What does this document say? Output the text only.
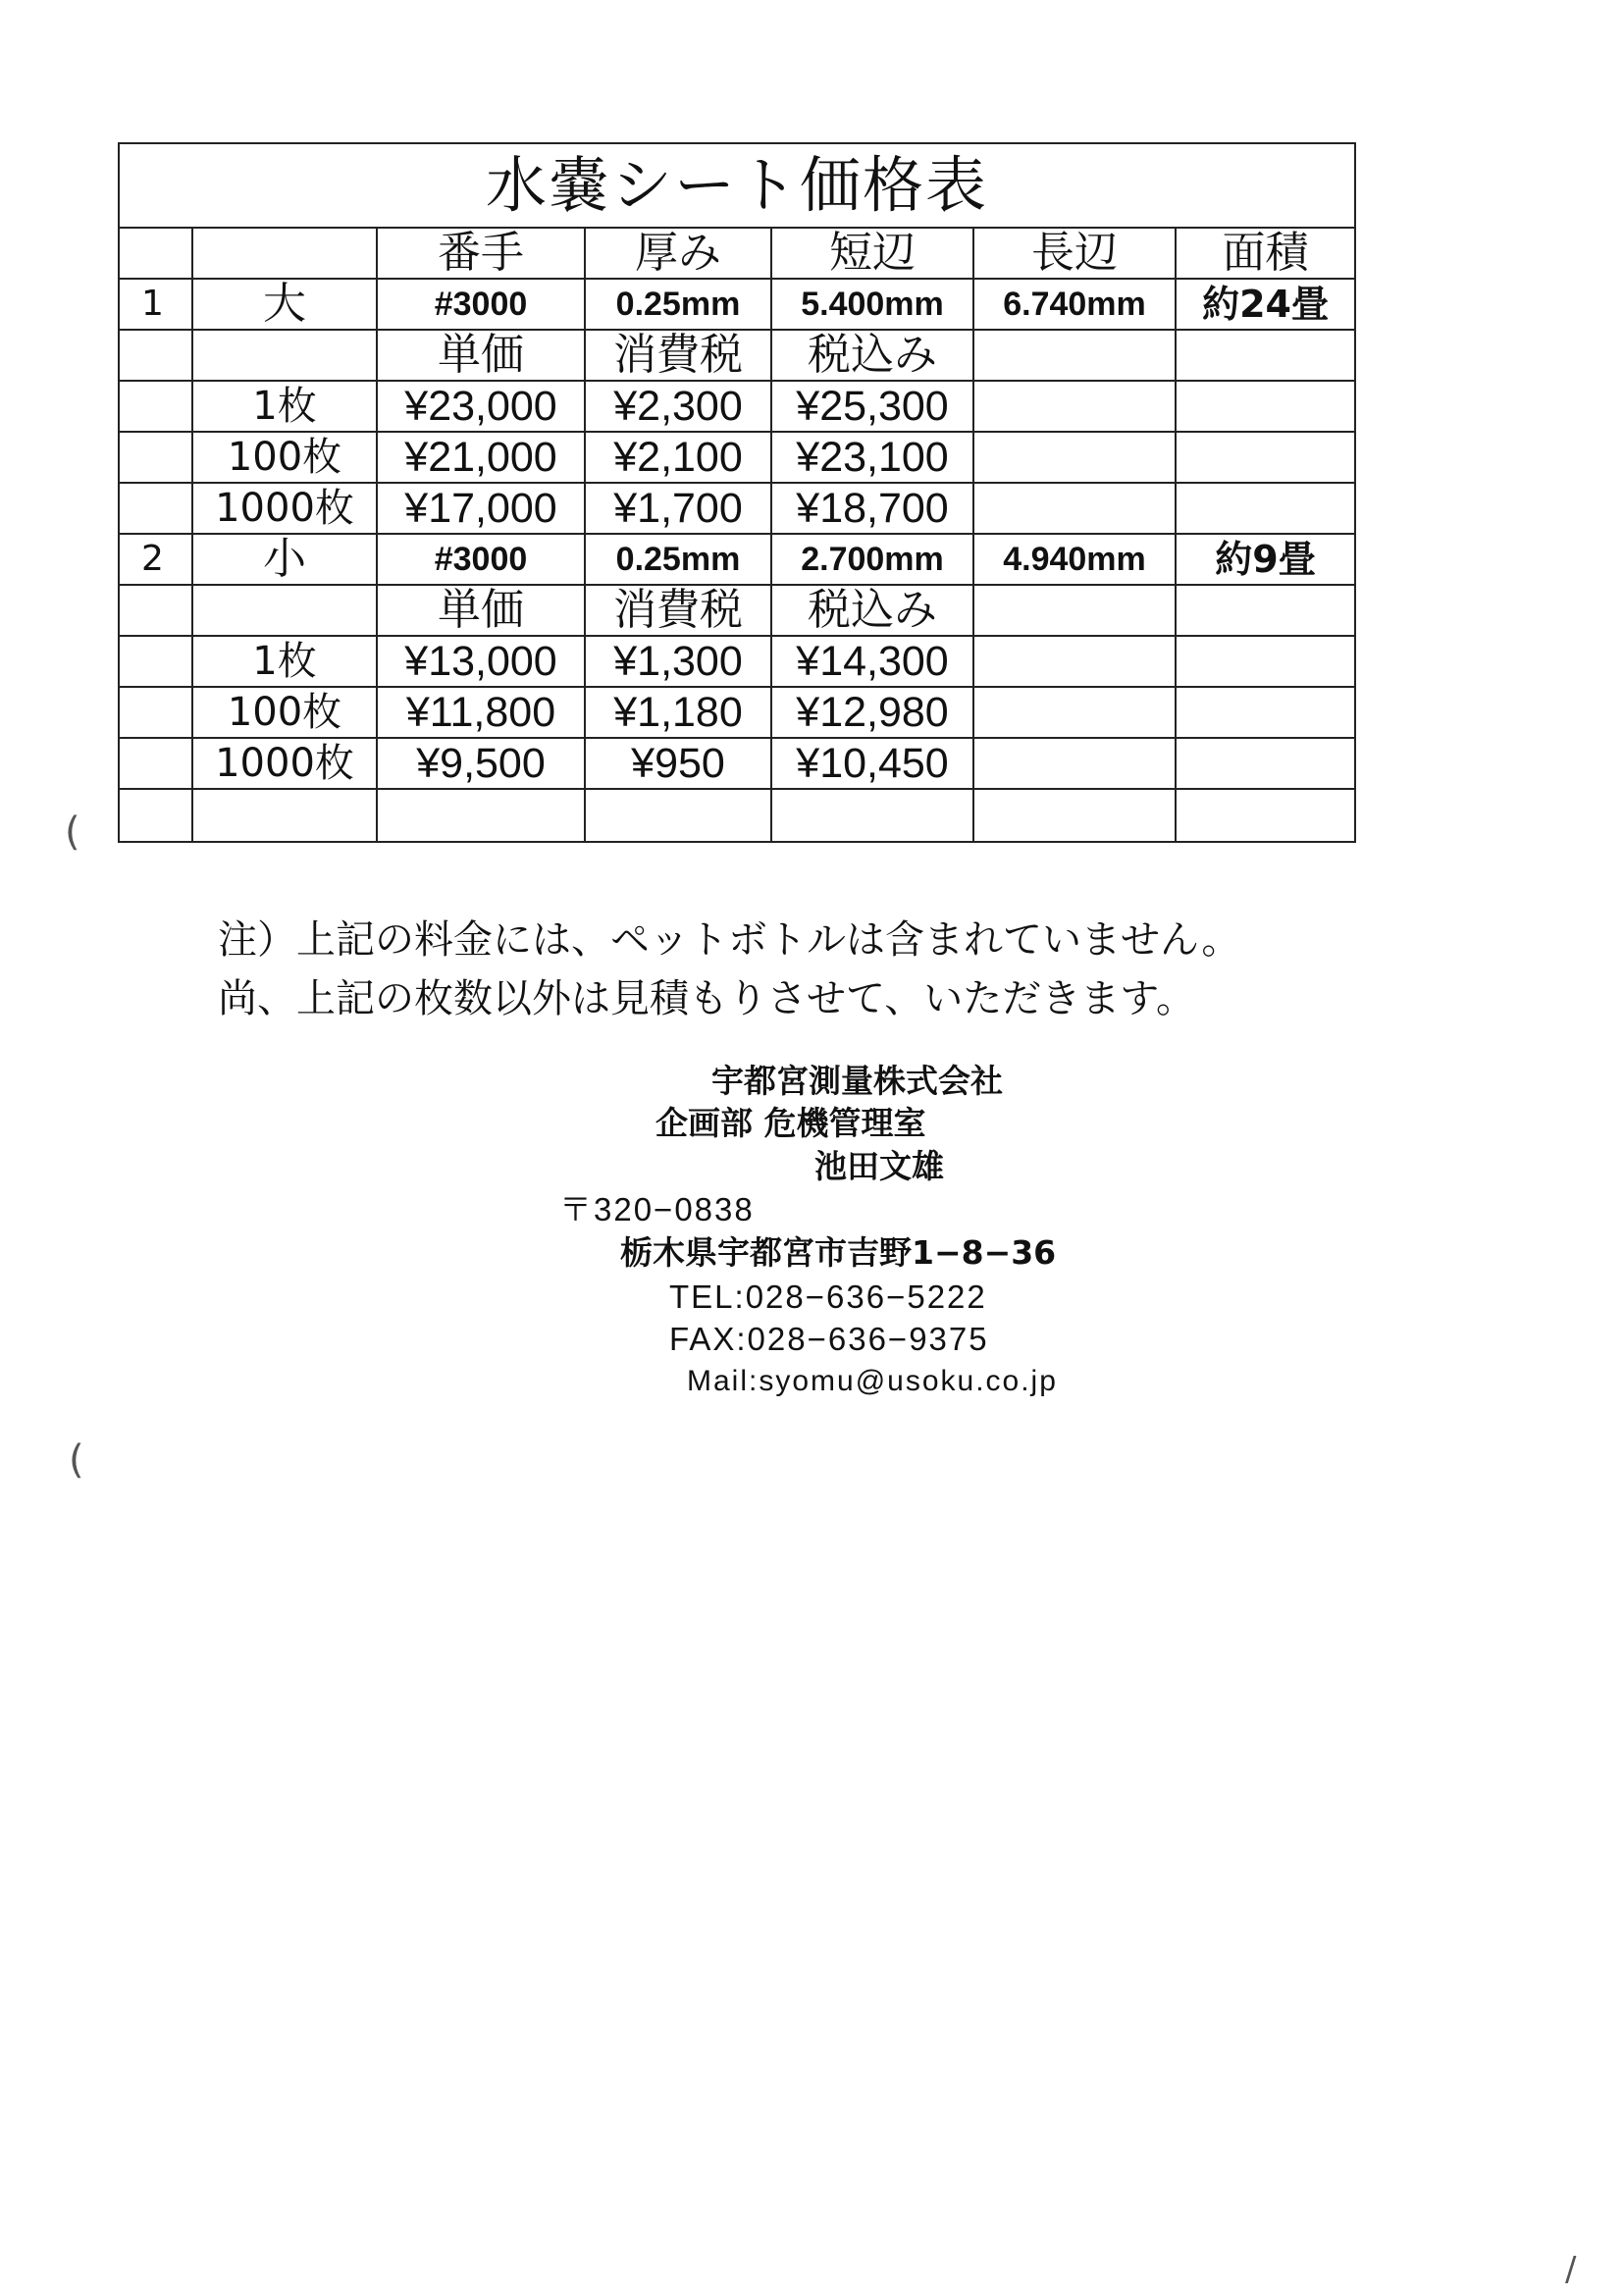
水嚢シート価格表						
		番手	厚み	短辺	長辺	面積
1	大	#3000	0.25mm	5.400mm	6.740mm	約24畳
		単価	消費税	税込み		
	1枚	¥23,000	¥2,300	¥25,300		
	100枚	¥21,000	¥2,100	¥23,100		
	1000枚	¥17,000	¥1,700	¥18,700		
2	小	#3000	0.25mm	2.700mm	4.940mm	約9畳
		単価	消費税	税込み		
	1枚	¥13,000	¥1,300	¥14,300		
	100枚	¥11,800	¥1,180	¥12,980		
	1000枚	¥9,500	¥950	¥10,450		

注）上記の料金には、ペットボトルは含まれていません。
尚、上記の枚数以外は見積もりさせて、いただきます。
宇都宮測量株式会社
企画部 危機管理室
池田文雄
〒320−0838
栃木県宇都宮市吉野1−8−36
TEL:028−636−5222
FAX:028−636−9375
Mail:syomu@usoku.co.jp
(
(
/
